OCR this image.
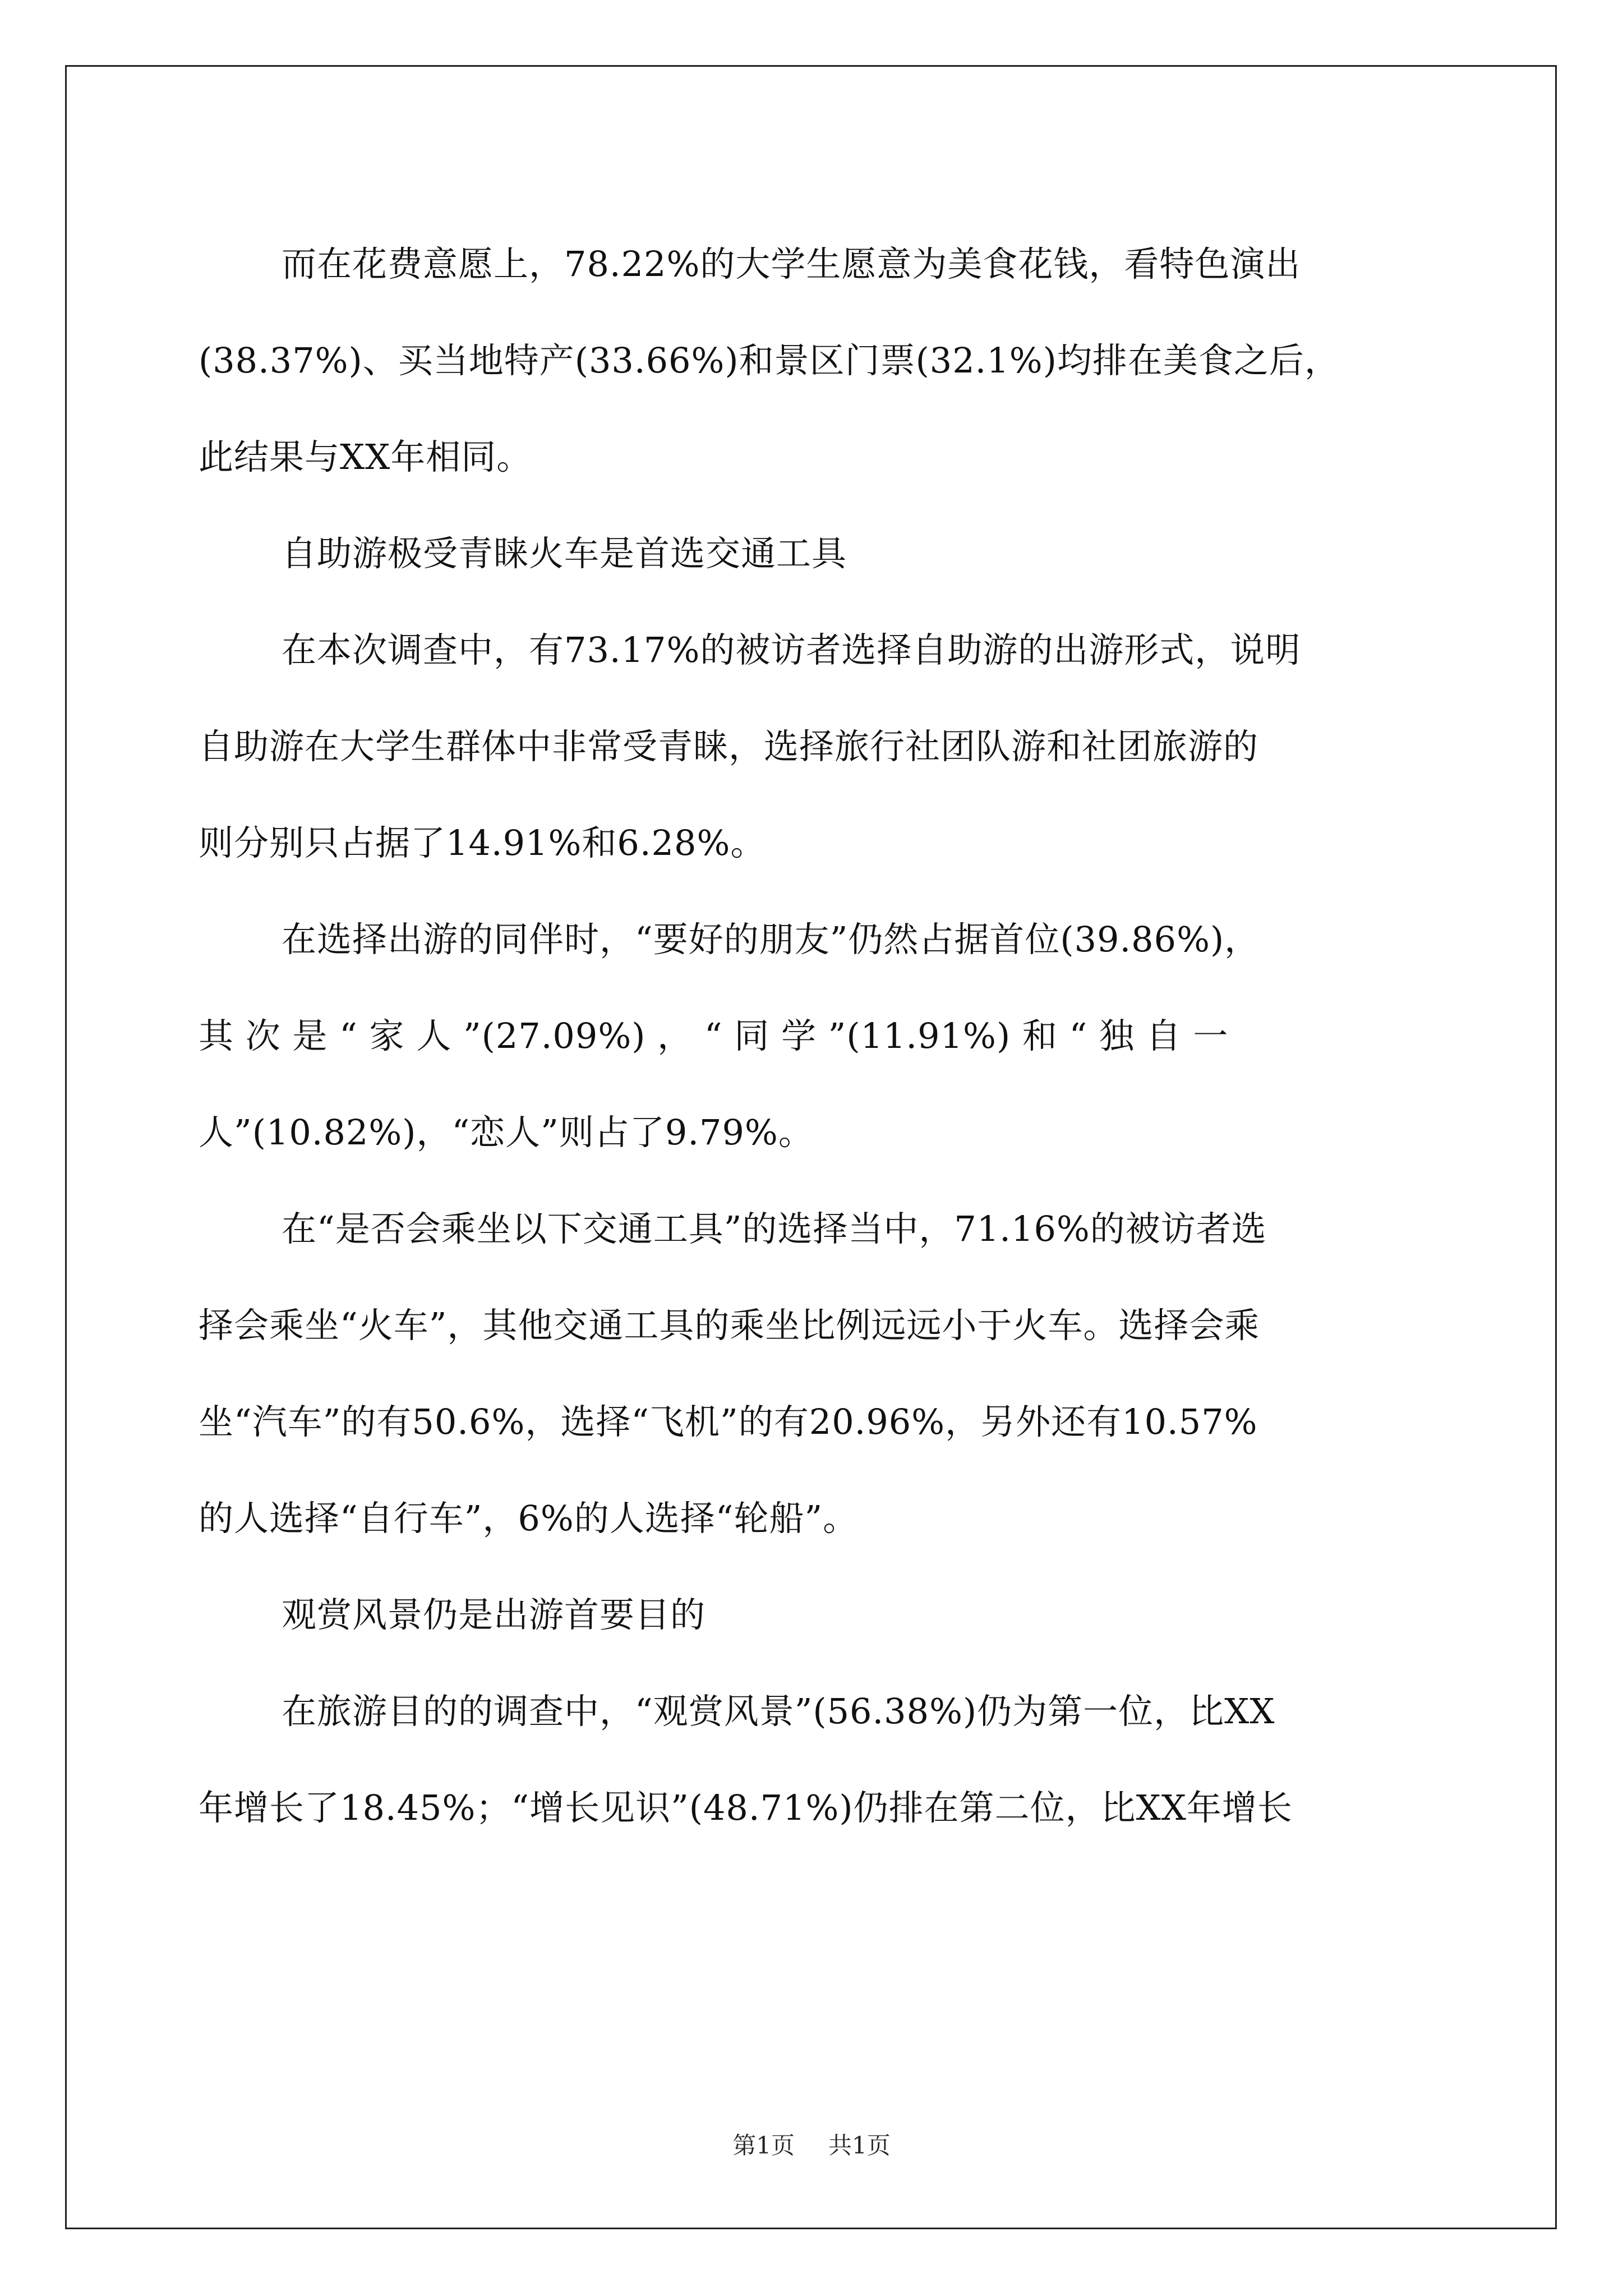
而在花费意愿上，78.22%的大学生愿意为美食花钱，看特色演出
(38.37%)、买当地特产(33.66%)和景区门票(32.1%)均排在美食之后，
此结果与XX年相同。

自助游极受青睐火车是首选交通工具

在本次调查中，有73.17%的被访者选择自助游的出游形式，说明
自助游在大学生群体中非常受青睐，选择旅行社团队游和社团旅游的
则分别只占据了14.91%和6.28%。

在选择出游的同伴时，“要好的朋友”仍然占据首位(39.86%)，
其 次 是 “ 家 人 ”(27.09%) ， “ 同 学 ”(11.91%) 和 “ 独 自 一
人”(10.82%)，“恋人”则占了9.79%。

在“是否会乘坐以下交通工具”的选择当中，71.16%的被访者选
择会乘坐“火车”，其他交通工具的乘坐比例远远小于火车。选择会乘
坐“汽车”的有50.6%，选择“飞机”的有20.96%，另外还有10.57%
的人选择“自行车”，6%的人选择“轮船”。

观赏风景仍是出游首要目的

在旅游目的的调查中，“观赏风景”(56.38%)仍为第一位，比XX
年增长了18.45%；“增长见识”(48.71%)仍排在第二位，比XX年增长

第1页 共1页
